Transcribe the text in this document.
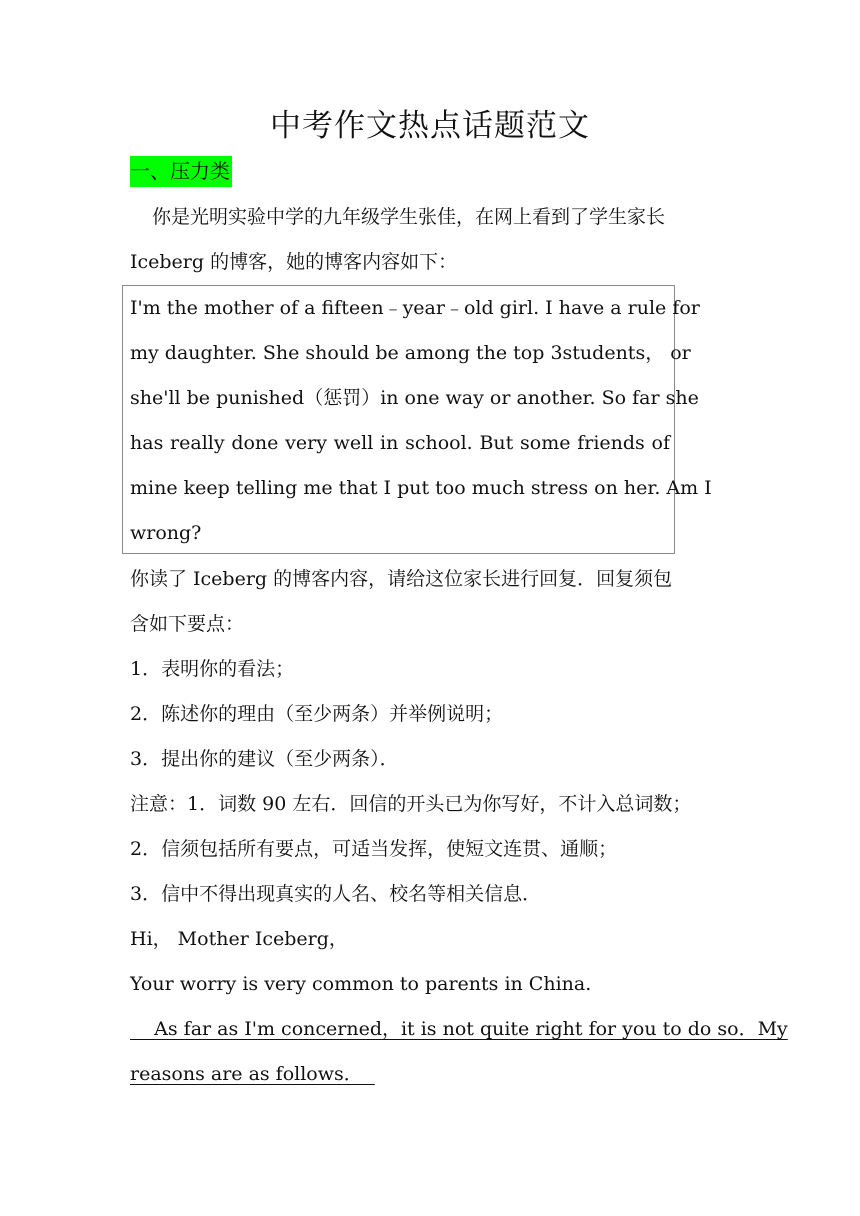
中考作文热点话题范文
一、压力类
你是光明实验中学的九年级学生张佳，在网上看到了学生家长
Iceberg 的博客，她的博客内容如下：
I'm the mother of a fifteen﹣year﹣old girl. I have a rule for
my daughter. She should be among the top 3students， or
she'll be punished（惩罚）in one way or another. So far she
has really done very well in school. But some friends of
mine keep telling me that I put too much stress on her. Am I
wrong?
你读了 Iceberg 的博客内容，请给这位家长进行回复．回复须包
含如下要点：
1．表明你的看法；
2．陈述你的理由（至少两条）并举例说明；
3．提出你的建议（至少两条）．
注意：1．词数 90 左右．回信的开头已为你写好，不计入总词数；
2．信须包括所有要点，可适当发挥，使短文连贯、通顺；
3．信中不得出现真实的人名、校名等相关信息．
Hi， Mother Iceberg，
Your worry is very common to parents in China.
As far as I'm concerned，it is not quite right for you to do so．My
reasons are as follows．
